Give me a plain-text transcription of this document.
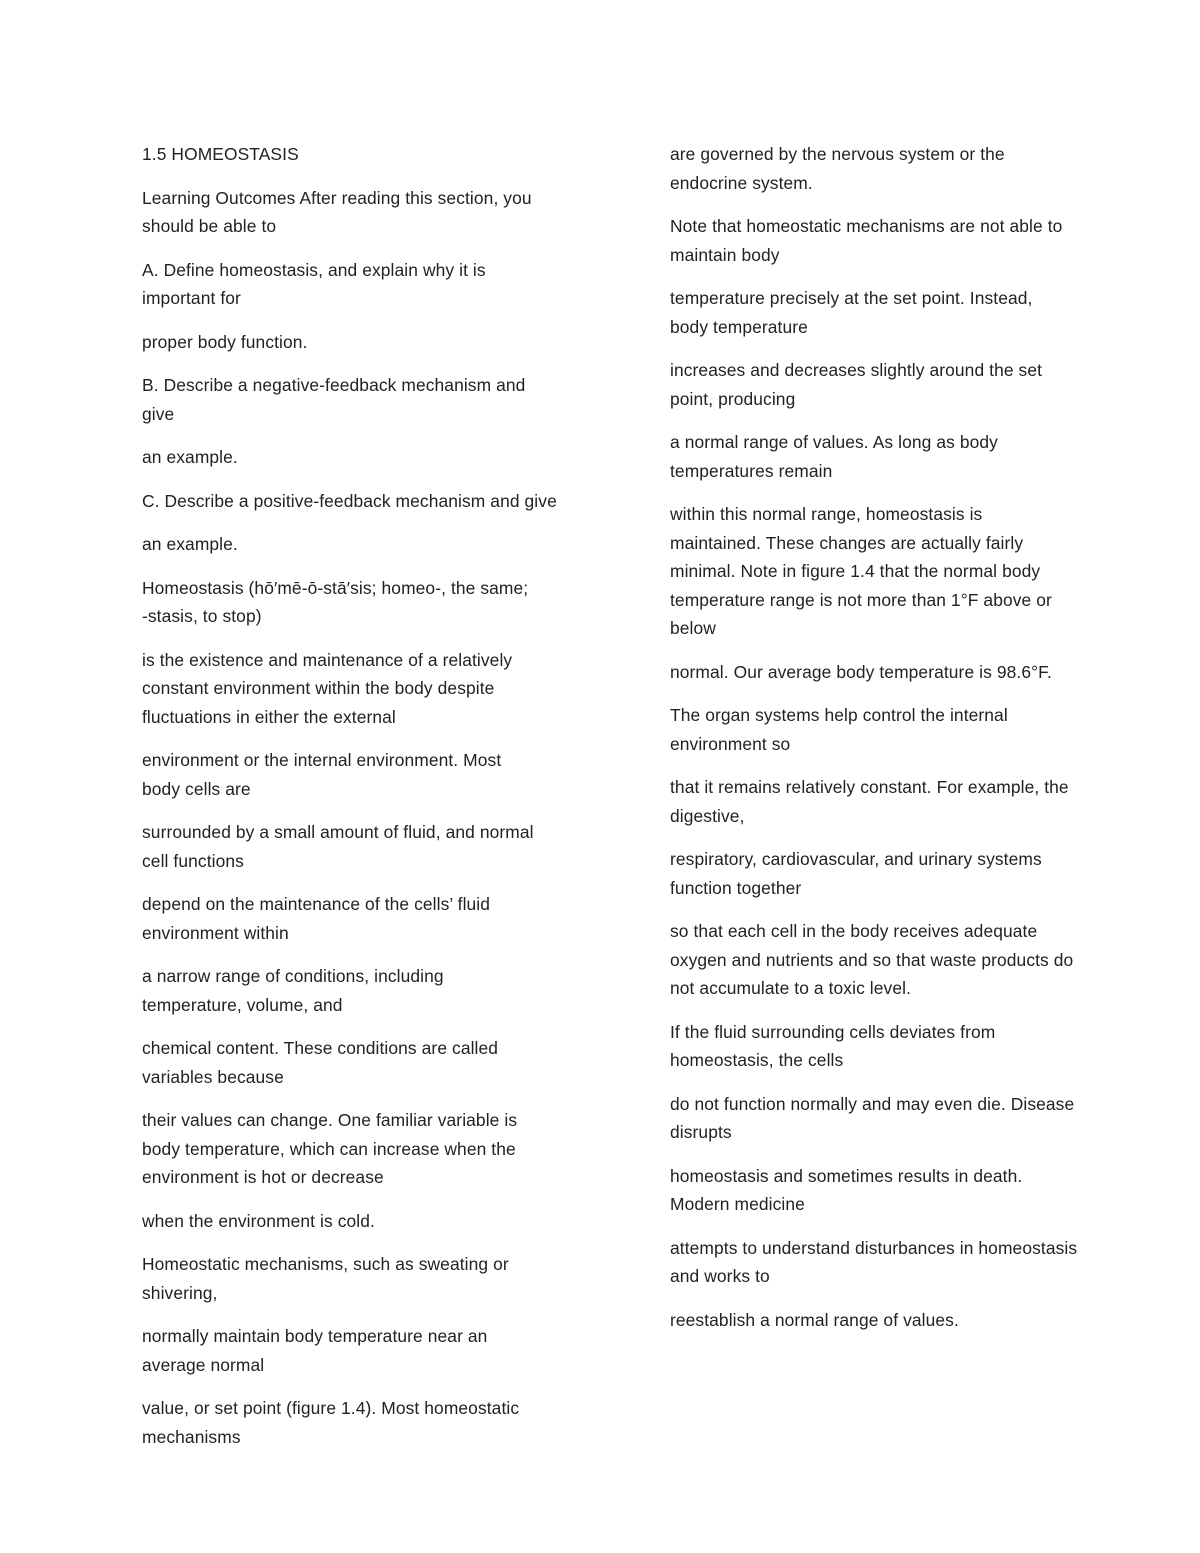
1.5 HOMEOSTASIS

Learning Outcomes After reading this section, you
should be able to

A. Define homeostasis, and explain why it is
important for

proper body function.

B. Describe a negative-feedback mechanism and
give

an example.

C. Describe a positive-feedback mechanism and give

an example.

Homeostasis (hō′mē-ō-stā′sis; homeo-, the same;
-stasis, to stop)

is the existence and maintenance of a relatively
constant environment within the body despite
fluctuations in either the external

environment or the internal environment. Most
body cells are

surrounded by a small amount of fluid, and normal
cell functions

depend on the maintenance of the cells’ fluid
environment within

a narrow range of conditions, including
temperature, volume, and

chemical content. These conditions are called
variables because

their values can change. One familiar variable is
body temperature, which can increase when the
environment is hot or decrease

when the environment is cold.

Homeostatic mechanisms, such as sweating or
shivering,

normally maintain body temperature near an
average normal

value, or set point (figure 1.4). Most homeostatic
mechanisms

are governed by the nervous system or the
endocrine system.

Note that homeostatic mechanisms are not able to
maintain body

temperature precisely at the set point. Instead,
body temperature

increases and decreases slightly around the set
point, producing

a normal range of values. As long as body
temperatures remain

within this normal range, homeostasis is
maintained. These changes are actually fairly
minimal. Note in figure 1.4 that the normal body
temperature range is not more than 1°F above or
below

normal. Our average body temperature is 98.6°F.

The organ systems help control the internal
environment so

that it remains relatively constant. For example, the
digestive,

respiratory, cardiovascular, and urinary systems
function together

so that each cell in the body receives adequate
oxygen and nutrients and so that waste products do
not accumulate to a toxic level.

If the fluid surrounding cells deviates from
homeostasis, the cells

do not function normally and may even die. Disease
disrupts

homeostasis and sometimes results in death.
Modern medicine

attempts to understand disturbances in homeostasis
and works to

reestablish a normal range of values.
